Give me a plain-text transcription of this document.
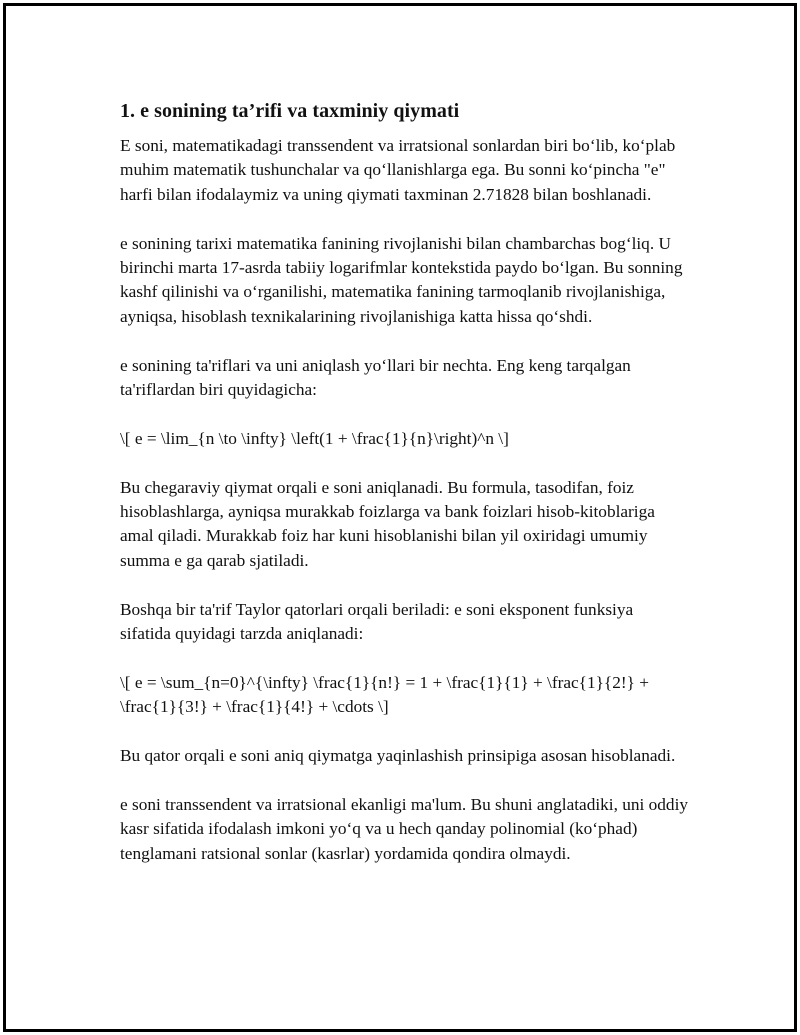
1. e sonining ta’rifi va taxminiy qiymati

E soni, matematikadagi transsendent va irratsional sonlardan biri bo‘lib, ko‘plab muhim matematik tushunchalar va qo‘llanishlarga ega. Bu sonni ko‘pincha "e" harfi bilan ifodalaymiz va uning qiymati taxminan 2.71828 bilan boshlanadi.

e sonining tarixi matematika fanining rivojlanishi bilan chambarchas bog‘liq. U birinchi marta 17-asrda tabiiy logarifmlar kontekstida paydo bo‘lgan. Bu sonning kashf qilinishi va o‘rganilishi, matematika fanining tarmoqlanib rivojlanishiga, ayniqsa, hisoblash texnikalarining rivojlanishiga katta hissa qo‘shdi.

e sonining ta'riflari va uni aniqlash yo‘llari bir nechta. Eng keng tarqalgan ta'riflardan biri quyidagicha:

\[ e = \lim_{n \to \infty} \left(1 + \frac{1}{n}\right)^n \]

Bu chegaraviy qiymat orqali e soni aniqlanadi. Bu formula, tasodifan, foiz hisoblashlarga, ayniqsa murakkab foizlarga va bank foizlari hisob-kitoblariga amal qiladi. Murakkab foiz har kuni hisoblanishi bilan yil oxiridagi umumiy summa e ga qarab sjatiladi.

Boshqa bir ta'rif Taylor qatorlari orqali beriladi: e soni eksponent funksiya sifatida quyidagi tarzda aniqlanadi:

\[ e = \sum_{n=0}^{\infty} \frac{1}{n!} = 1 + \frac{1}{1} + \frac{1}{2!} + \frac{1}{3!} + \frac{1}{4!} + \cdots \]

Bu qator orqali e soni aniq qiymatga yaqinlashish prinsipiga asosan hisoblanadi.

e soni transsendent va irratsional ekanligi ma'lum. Bu shuni anglatadiki, uni oddiy kasr sifatida ifodalash imkoni yo‘q va u hech qanday polinomial (ko‘phad) tenglamani ratsional sonlar (kasrlar) yordamida qondira olmaydi.
